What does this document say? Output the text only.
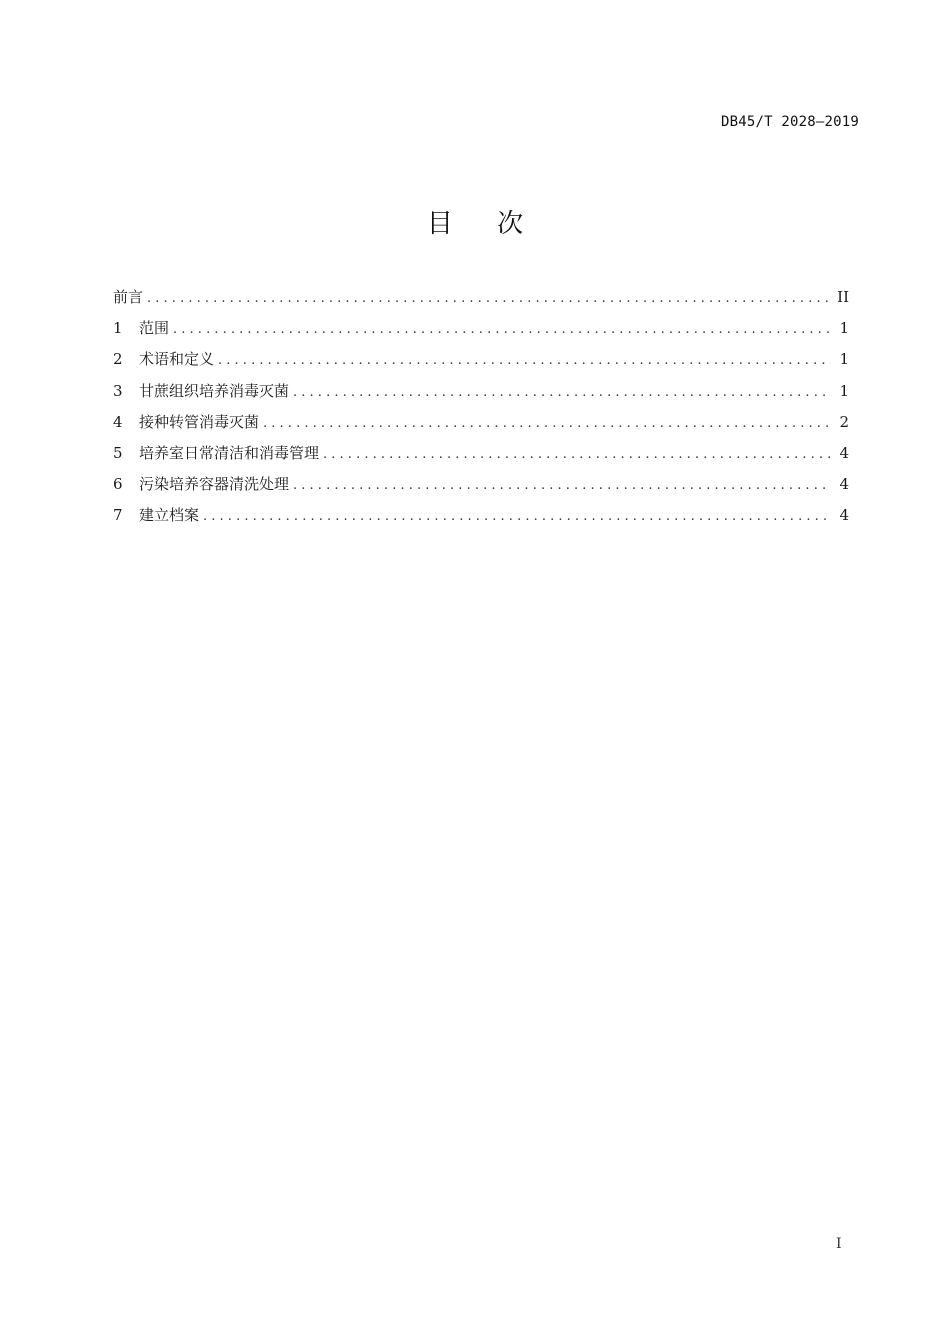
DB45/T 2028—2019
目 次
前言 . . .	II
1	范围 . . .	1
2	术语和定义 . . .	1
3	甘蔗组织培养消毒灭菌 . . .	1
4	接种转管消毒灭菌 . . .	2
5	培养室日常清洁和消毒管理 . . .	4
6	污染培养容器清洗处理 . . .	4
7	建立档案 . . .	4
I
